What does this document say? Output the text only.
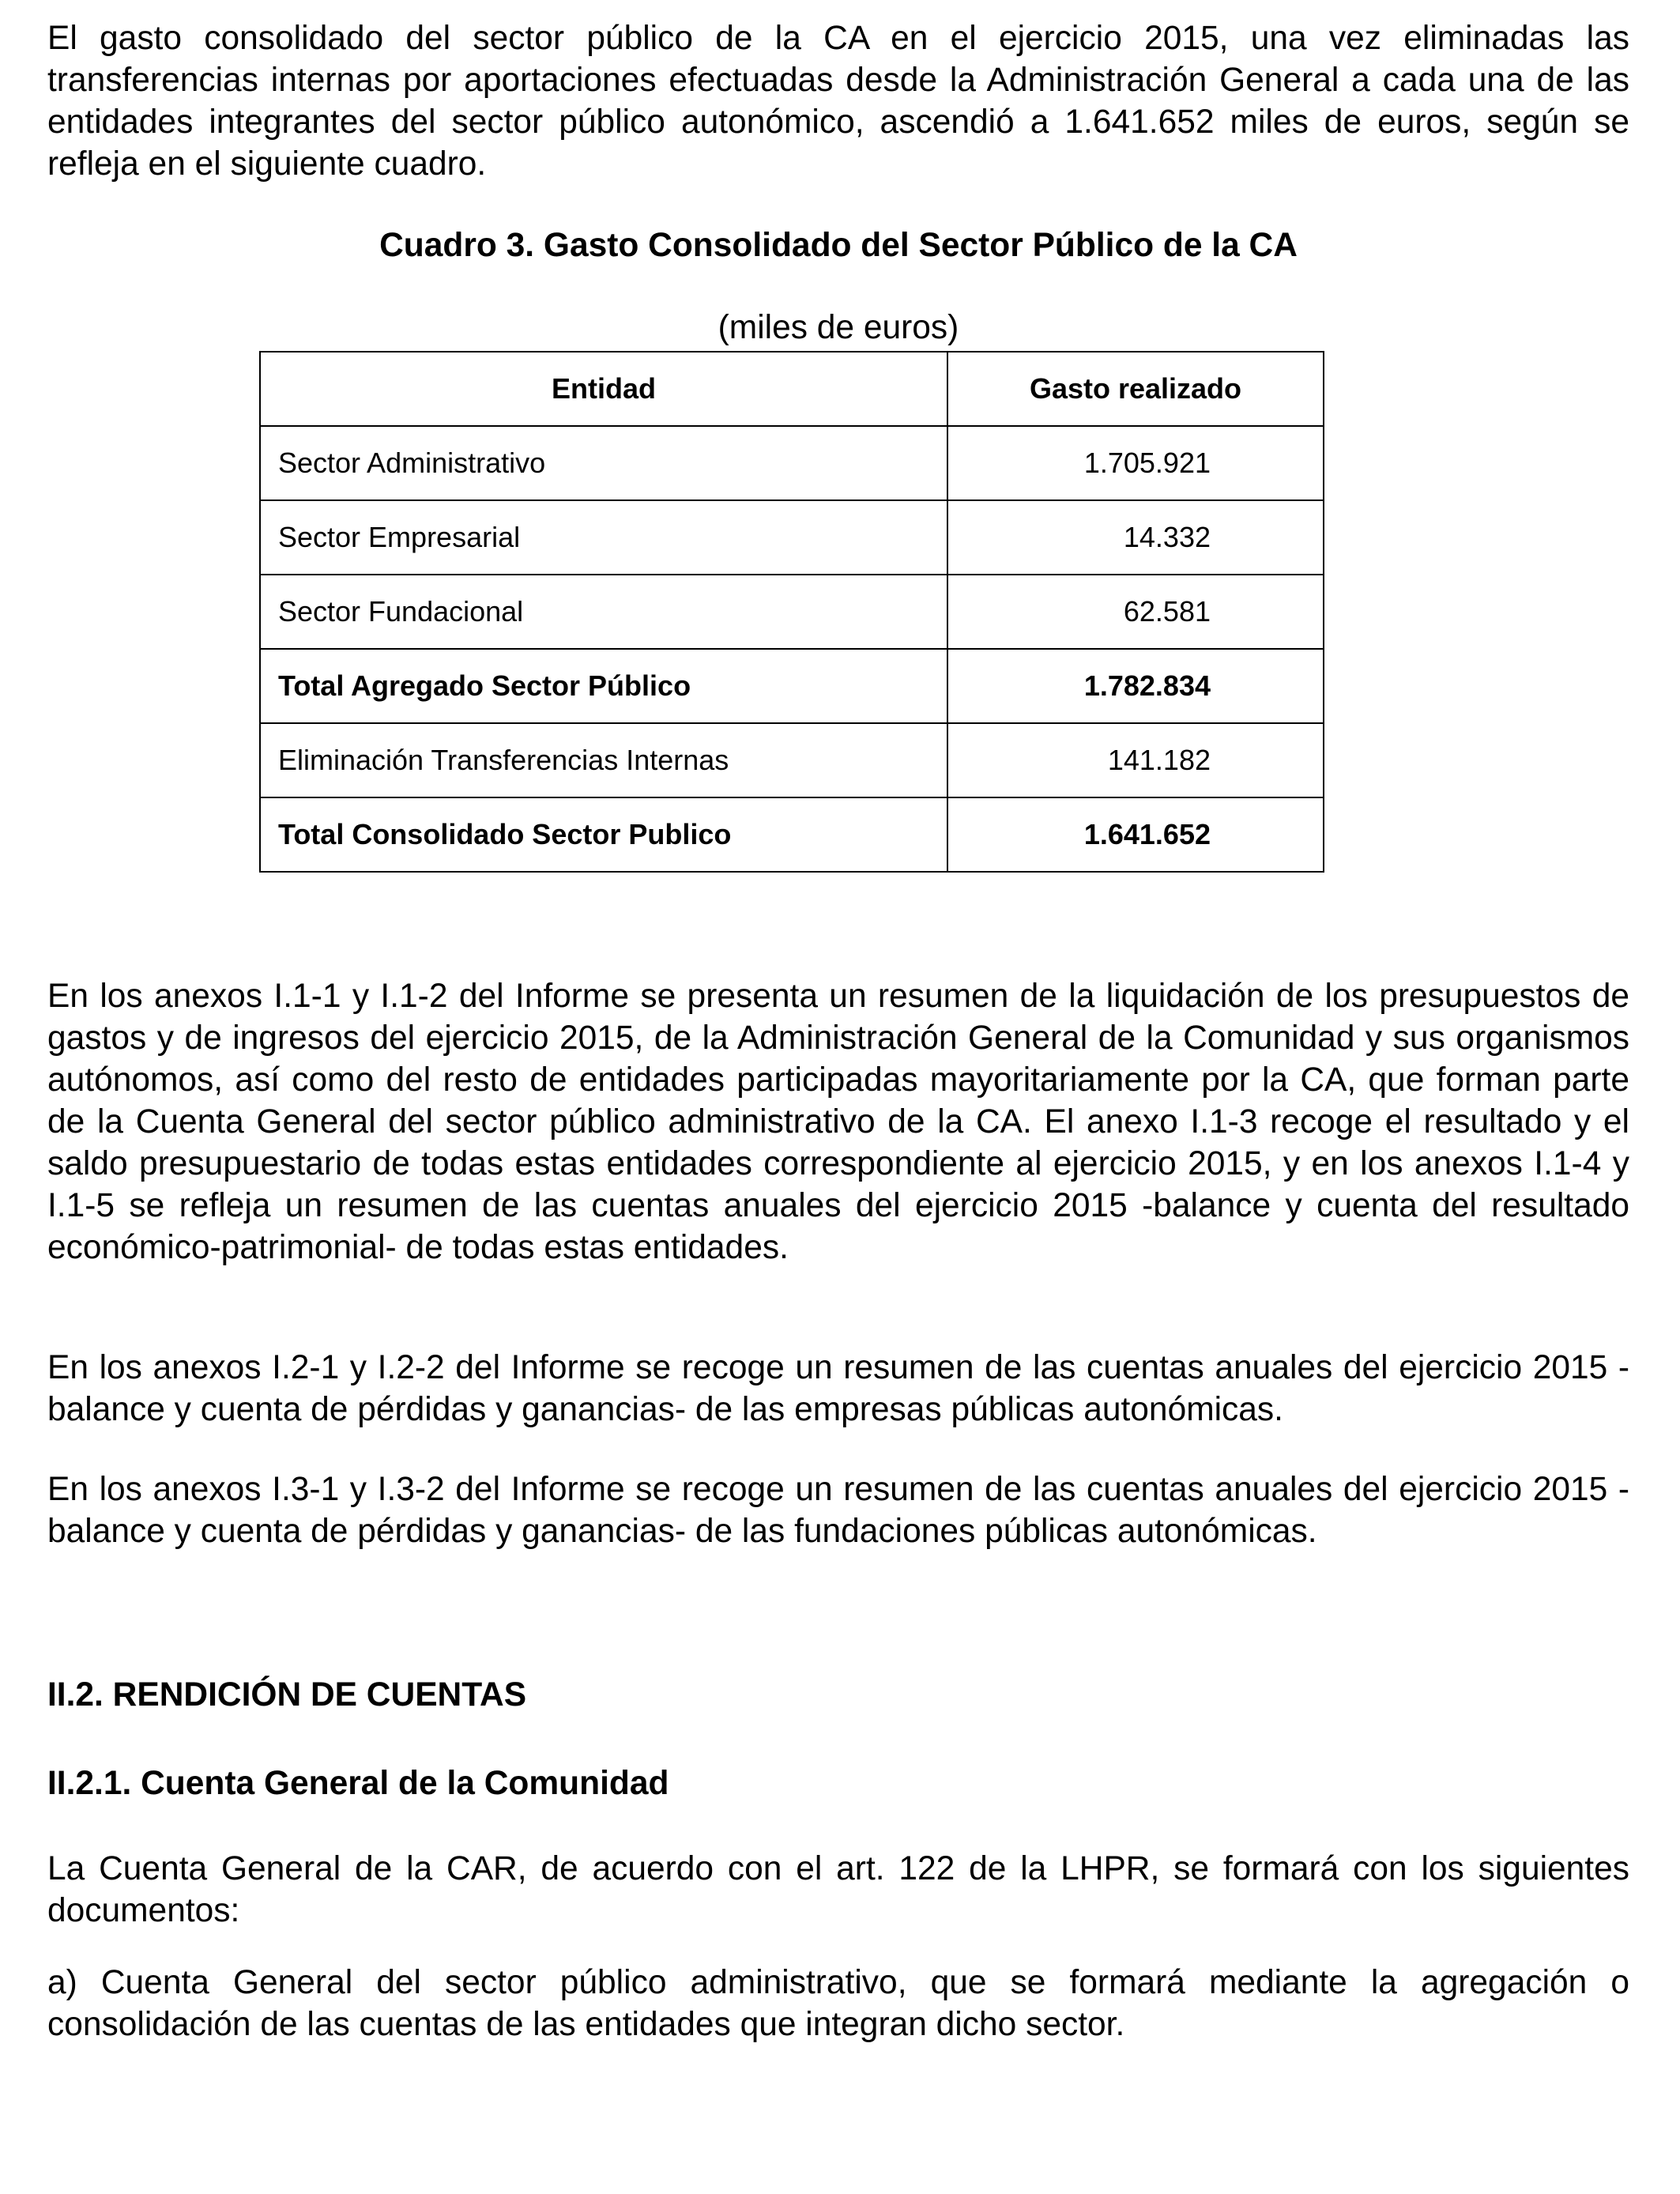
El gasto consolidado del sector público de la CA en el ejercicio 2015, una vez eliminadas las transferencias internas por aportaciones efectuadas desde la Administración General a cada una de las entidades integrantes del sector público autonómico, ascendió a 1.641.652 miles de euros, según se refleja en el siguiente cuadro.

Cuadro 3. Gasto Consolidado del Sector Público de la CA

(miles de euros)

Entidad	Gasto realizado
Sector Administrativo	1.705.921
Sector Empresarial	14.332
Sector Fundacional	62.581
Total Agregado Sector Público	1.782.834
Eliminación Transferencias Internas	141.182
Total Consolidado Sector Publico	1.641.652

En los anexos I.1-1 y I.1-2 del Informe se presenta un resumen de la liquidación de los presupuestos de gastos y de ingresos del ejercicio 2015, de la Administración General de la Comunidad y sus organismos autónomos, así como del resto de entidades participadas mayoritariamente por la CA, que forman parte de la Cuenta General del sector público administrativo de la CA. El anexo I.1-3 recoge el resultado y el saldo presupuestario de todas estas entidades correspondiente al ejercicio 2015, y en los anexos I.1-4 y I.1-5 se refleja un resumen de las cuentas anuales del ejercicio 2015 -balance y cuenta del resultado económico-patrimonial- de todas estas entidades.

En los anexos I.2-1 y I.2-2 del Informe se recoge un resumen de las cuentas anuales del ejercicio 2015 -balance y cuenta de pérdidas y ganancias- de las empresas públicas autonómicas.

En los anexos I.3-1 y I.3-2 del Informe se recoge un resumen de las cuentas anuales del ejercicio 2015 -balance y cuenta de pérdidas y ganancias- de las fundaciones públicas autonómicas.

II.2. RENDICIÓN DE CUENTAS

II.2.1. Cuenta General de la Comunidad

La Cuenta General de la CAR, de acuerdo con el art. 122 de la LHPR, se formará con los siguientes documentos:

a) Cuenta General del sector público administrativo, que se formará mediante la agregación o consolidación de las cuentas de las entidades que integran dicho sector.
